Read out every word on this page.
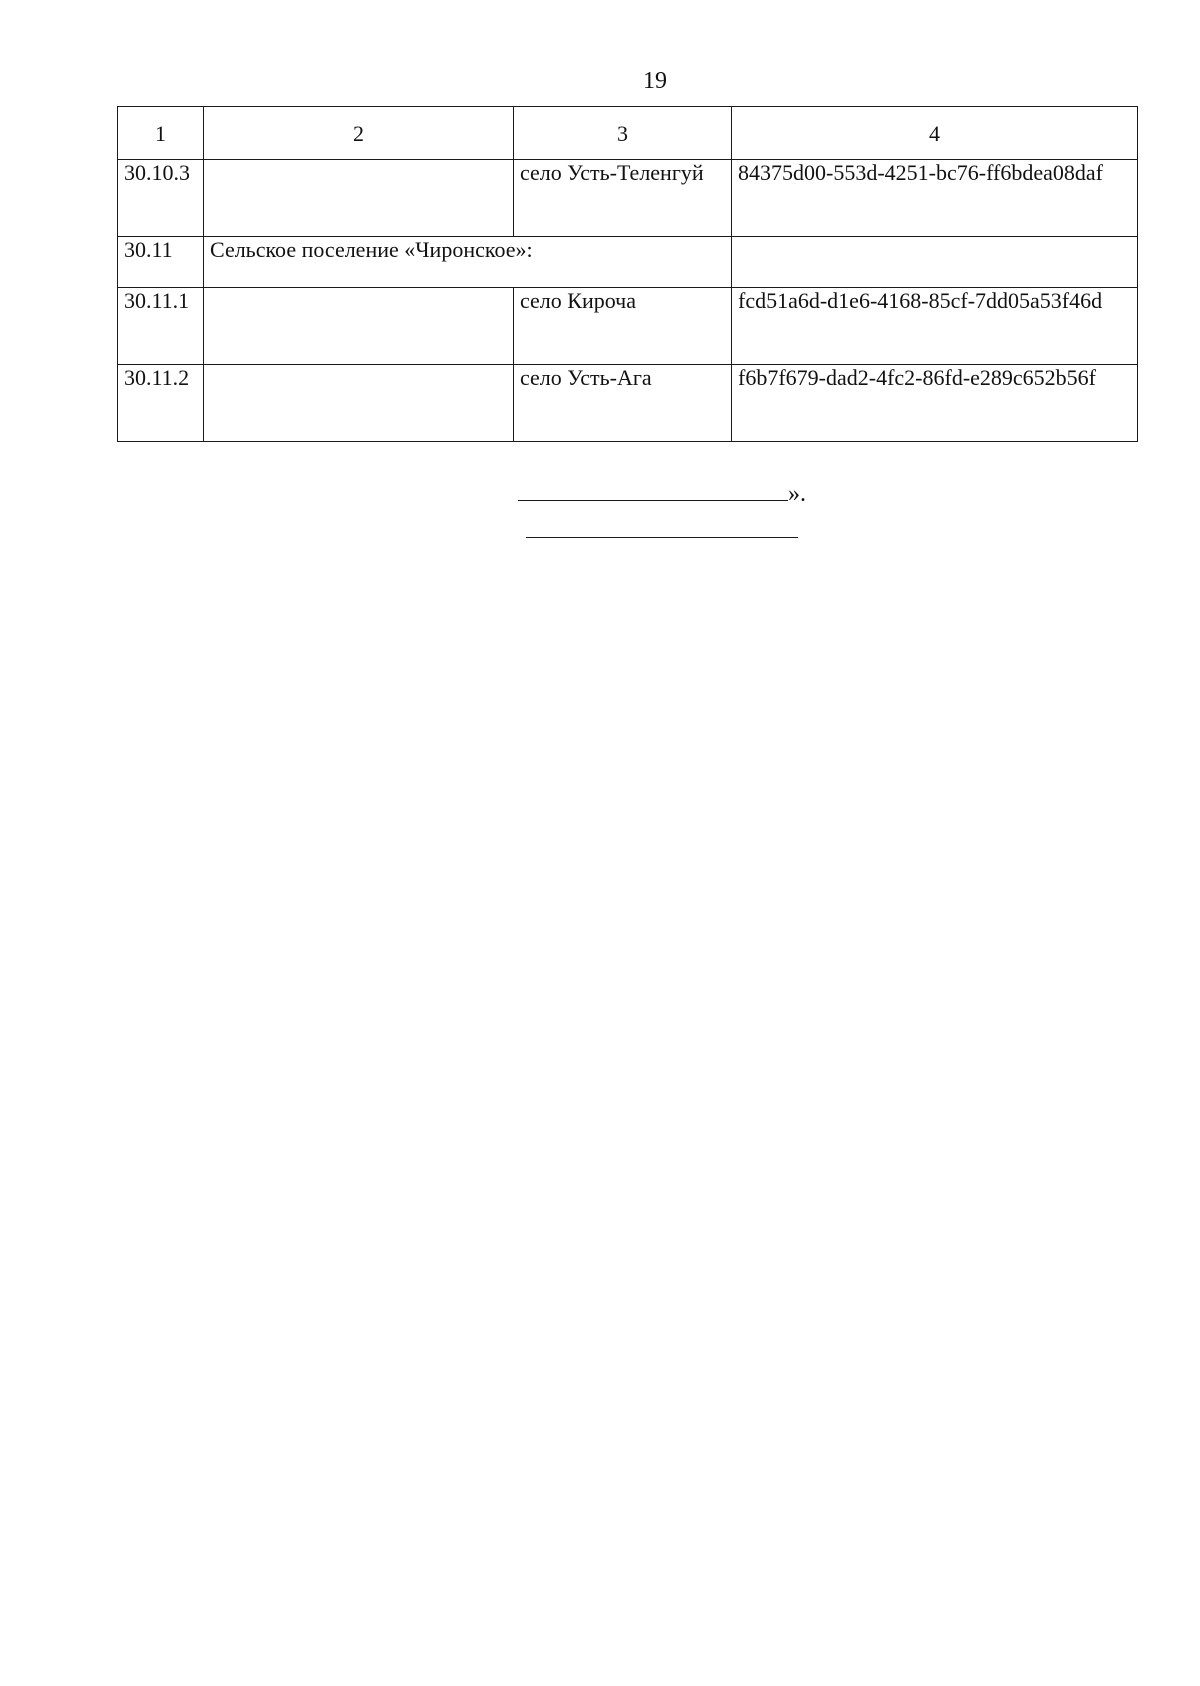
19
1	2	3	4
30.10.3		село Усть-Теленгуй	84375d00-553d-4251-bc76-ff6bdea08daf
30.11	Сельское поселение «Чиронское»:		
30.11.1		село Кироча	fcd51a6d-d1e6-4168-85cf-7dd05a53f46d
30.11.2		село Усть-Ага	f6b7f679-dad2-4fc2-86fd-e289c652b56f
».
